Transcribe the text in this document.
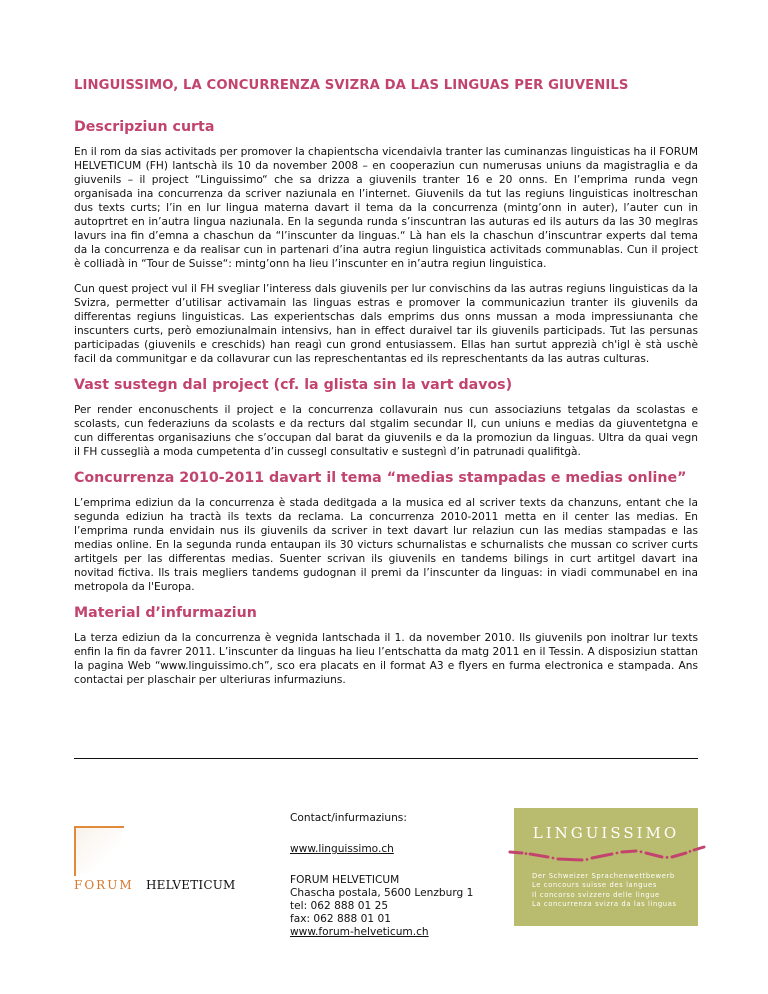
LINGUISSIMO, LA CONCURRENZA SVIZRA DA LAS LINGUAS PER GIUVENILS
Descripziun curta

En il rom da sias activitads per promover la chapientscha vicendaivla tranter las cuminanzas linguisticas ha il FORUM HELVETICUM (FH) lantschà ils 10 da november 2008 – en cooperaziun cun numerusas uniuns da magistraglia e da giuvenils – il project “Linguissimo“ che sa drizza a giuvenils tranter 16 e 20 onns. En l’emprima runda vegn organisada ina concurrenza da scriver naziunala en l’internet. Giuvenils da tut las regiuns linguisticas inoltreschan dus texts curts; l’in en lur lingua materna davart il tema da la concurrenza (mintg’onn in auter), l’auter cun in autoprtret en in’autra lingua naziunala. En la segunda runda s’inscuntran las auturas ed ils auturs da las 30 meglras lavurs ina fin d’emna a chaschun da “l’inscunter da linguas.“ Là han els la chaschun d’inscuntrar experts dal tema da la concurrenza e da realisar cun in partenari d’ina autra regiun linguistica activitads communablas. Cun il project è colliadà in “Tour de Suisse“: mintg’onn ha lieu l’inscunter en in’autra regiun linguistica.

Cun quest project vul il FH svegliar l’interess dals giuvenils per lur convischins da las autras regiuns linguisticas da la Svizra, permetter d’utilisar activamain las linguas estras e promover la communicaziun tranter ils giuvenils da differentas regiuns linguisticas. Las experientschas dals emprims dus onns mussan a moda impressiunanta che inscunters curts, però emoziunalmain intensivs, han in effect duraivel tar ils giuvenils participads. Tut las persunas participadas (giuvenils e creschids) han reagì cun grond entusiassem. Ellas han surtut apprezià ch'igl è stà uschè facil da communitgar e da collavurar cun las represchentantas ed ils represchentants da las autras culturas.

Vast sustegn dal project (cf. la glista sin la vart davos)

Per render enconuschents il project e la concurrenza collavurain nus cun associaziuns tetgalas da scolastas e scolasts, cun federaziuns da scolasts e da recturs dal stgalim secundar II, cun uniuns e medias da giuventetgna e cun differentas organisaziuns che s’occupan dal barat da giuvenils e da la promoziun da linguas. Ultra da quai vegn il FH cusseglià a moda cumpetenta d’in cussegl consultativ e sustegnì d’in patrunadi qualifitgà.

Concurrenza 2010-2011 davart il tema “medias stampadas e medias online”

L’emprima ediziun da la concurrenza è stada deditgada a la musica ed al scriver texts da chanzuns, entant che la segunda ediziun ha tractà ils texts da reclama. La concurrenza 2010-2011 metta en il center las medias. En l’emprima runda envidain nus ils giuvenils da scriver in text davart lur relaziun cun las medias stampadas e las medias online. En la segunda runda entaupan ils 30 victurs schurnalistas e schurnalists che mussan co scriver curts artitgels per las differentas medias. Suenter scrivan ils giuvenils en tandems bilings in curt artitgel davart ina novitad fictiva. Ils trais megliers tandems gudognan il premi da l’inscunter da linguas: in viadi communabel en ina metropola da l'Europa.

Material d’infurmaziun

La terza ediziun da la concurrenza è vegnida lantschada il 1. da november 2010. Ils giuvenils pon inoltrar lur texts enfin la fin da favrer 2011. L’inscunter da linguas ha lieu l’entschatta da matg 2011 en il Tessin. A disposiziun stattan la pagina Web “www.linguissimo.ch”, sco era placats en il format A3 e flyers en furma electronica e stampada. Ans contactai per plaschair per ulteriuras infurmaziuns.

FORUM HELVETICUM
Contact/infurmaziuns:
www.linguissimo.ch
FORUM HELVETICUM
Chascha postala, 5600 Lenzburg 1
tel: 062 888 01 25
fax: 062 888 01 01
www.forum-helveticum.ch
LINGUISSIMO
Der Schweizer Sprachenwettbewerb
Le concours suisse des langues
Il concorso svizzero delle lingue
La concurrenza svizra da las linguas
